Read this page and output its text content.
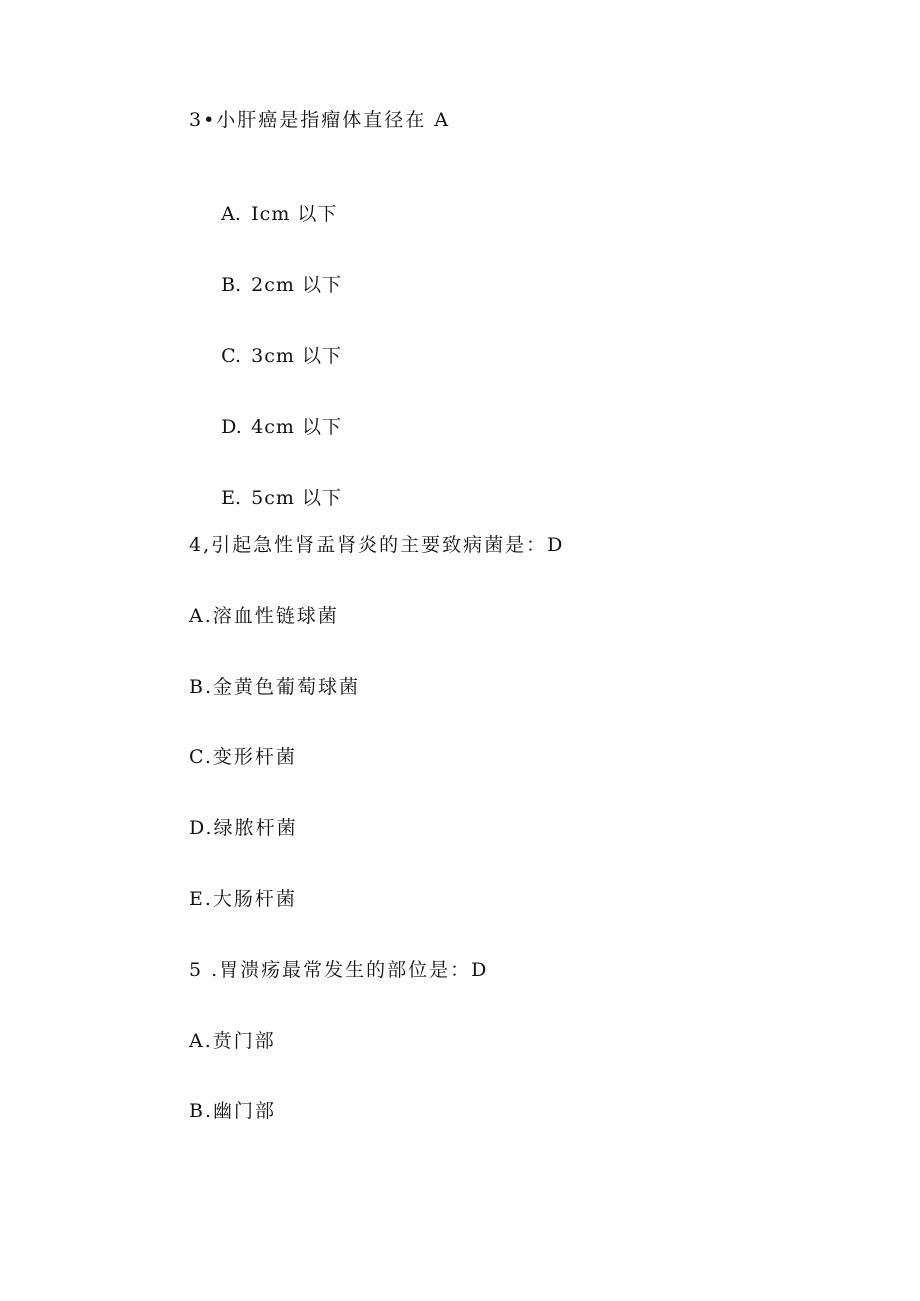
3•小肝癌是指瘤体直径在 A

A. Icm 以下

B. 2cm 以下

C. 3cm 以下

D. 4cm 以下

E. 5cm 以下

4,引起急性肾盂肾炎的主要致病菌是：D
A.溶血性链球菌
B.金黄色葡萄球菌
C.变形杆菌
D.绿脓杆菌
E.大肠杆菌
5 .胃溃疡最常发生的部位是：D
A.贲门部
B.幽门部
